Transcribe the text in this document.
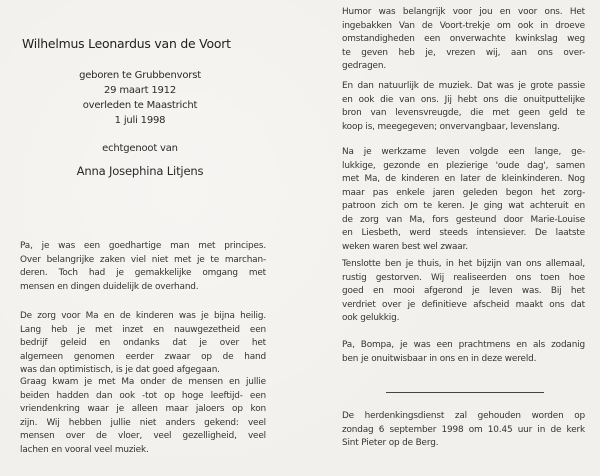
Wilhelmus Leonardus van de Voort
geboren te Grubbenvorst
29 maart 1912
overleden te Maastricht
1 juli 1998
echtgenoot van
Anna Josephina Litjens
Pa, je was een goedhartige man met principes.
Over belangrijke zaken viel niet met je te marchan-
deren. Toch had je gemakkelijke omgang met
mensen en dingen duidelijk de overhand.
De zorg voor Ma en de kinderen was je bijna heilig.
Lang heb je met inzet en nauwgezetheid een
bedrijf geleid en ondanks dat je over het
algemeen genomen eerder zwaar op de hand
was dan optimistisch, is je dat goed afgegaan.
Graag kwam je met Ma onder de mensen en jullie
beiden hadden dan ook -tot op hoge leeftijd- een
vriendenkring waar je alleen maar jaloers op kon
zijn. Wij hebben jullie niet anders gekend: veel
mensen over de vloer, veel gezelligheid, veel
lachen en vooral veel muziek.
Humor was belangrijk voor jou en voor ons. Het
ingebakken Van de Voort-trekje om ook in droeve
omstandigheden een onverwachte kwinkslag weg
te geven heb je, vrezen wij, aan ons over-
gedragen.
En dan natuurlijk de muziek. Dat was je grote passie
en ook die van ons. Jij hebt ons die onuitputtelijke
bron van levensvreugde, die met geen geld te
koop is, meegegeven; onvervangbaar, levenslang.
Na je werkzame leven volgde een lange, ge-
lukkige, gezonde en plezierige 'oude dag', samen
met Ma, de kinderen en later de kleinkinderen. Nog
maar pas enkele jaren geleden begon het zorg-
patroon zich om te keren. Je ging wat achteruit en
de zorg van Ma, fors gesteund door Marie-Louise
en Liesbeth, werd steeds intensiever. De laatste
weken waren best wel zwaar.
Tenslotte ben je thuis, in het bijzijn van ons allemaal,
rustig gestorven. Wij realiseerden ons toen hoe
goed en mooi afgerond je leven was. Bij het
verdriet over je definitieve afscheid maakt ons dat
ook gelukkig.
Pa, Bompa, je was een prachtmens en als zodanig
ben je onuitwisbaar in ons en in deze wereld.
De herdenkingsdienst zal gehouden worden op
zondag 6 september 1998 om 10.45 uur in de kerk
Sint Pieter op de Berg.
